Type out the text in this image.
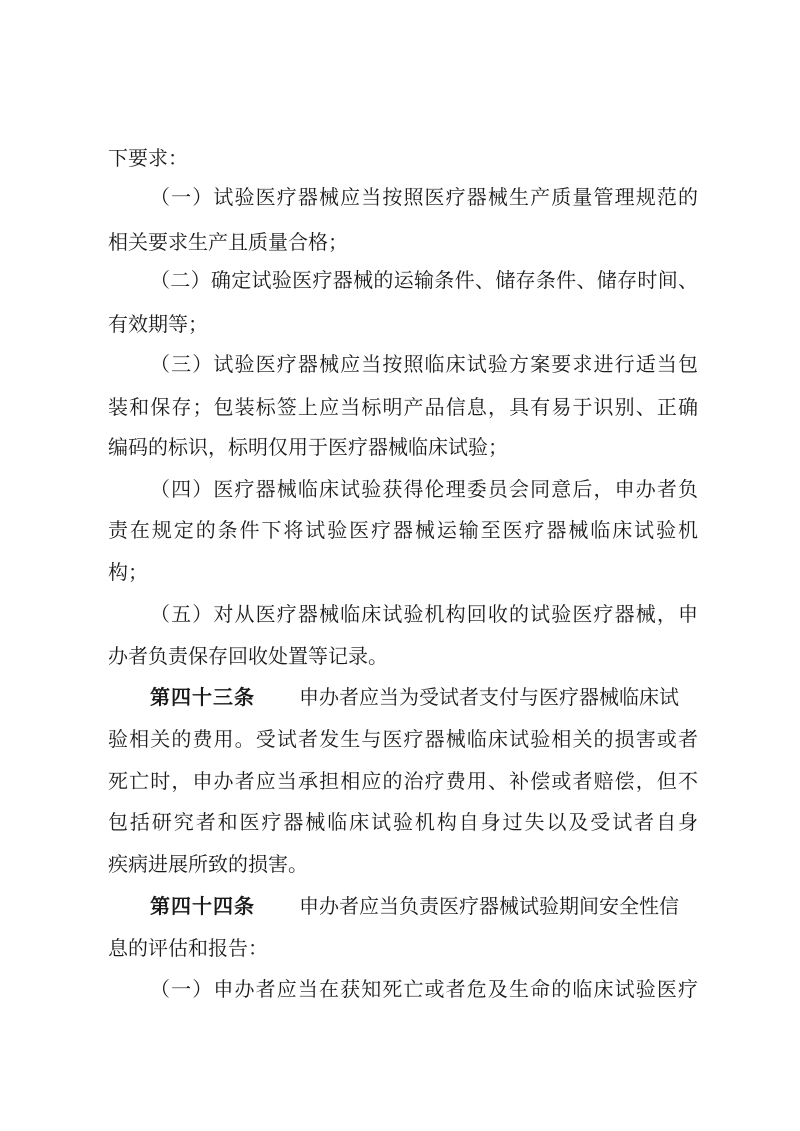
下要求：
（一）试验医疗器械应当按照医疗器械生产质量管理规范的
相关要求生产且质量合格；
（二）确定试验医疗器械的运输条件、储存条件、储存时间、
有效期等；
（三）试验医疗器械应当按照临床试验方案要求进行适当包
装和保存；包装标签上应当标明产品信息，具有易于识别、正确
编码的标识，标明仅用于医疗器械临床试验；
（四）医疗器械临床试验获得伦理委员会同意后，申办者负
责在规定的条件下将试验医疗器械运输至医疗器械临床试验机
构；
（五）对从医疗器械临床试验机构回收的试验医疗器械，申
办者负责保存回收处置等记录。
第四十三条 申办者应当为受试者支付与医疗器械临床试
验相关的费用。受试者发生与医疗器械临床试验相关的损害或者
死亡时，申办者应当承担相应的治疗费用、补偿或者赔偿，但不
包括研究者和医疗器械临床试验机构自身过失以及受试者自身
疾病进展所致的损害。
第四十四条 申办者应当负责医疗器械试验期间安全性信
息的评估和报告：
（一）申办者应当在获知死亡或者危及生命的临床试验医疗
